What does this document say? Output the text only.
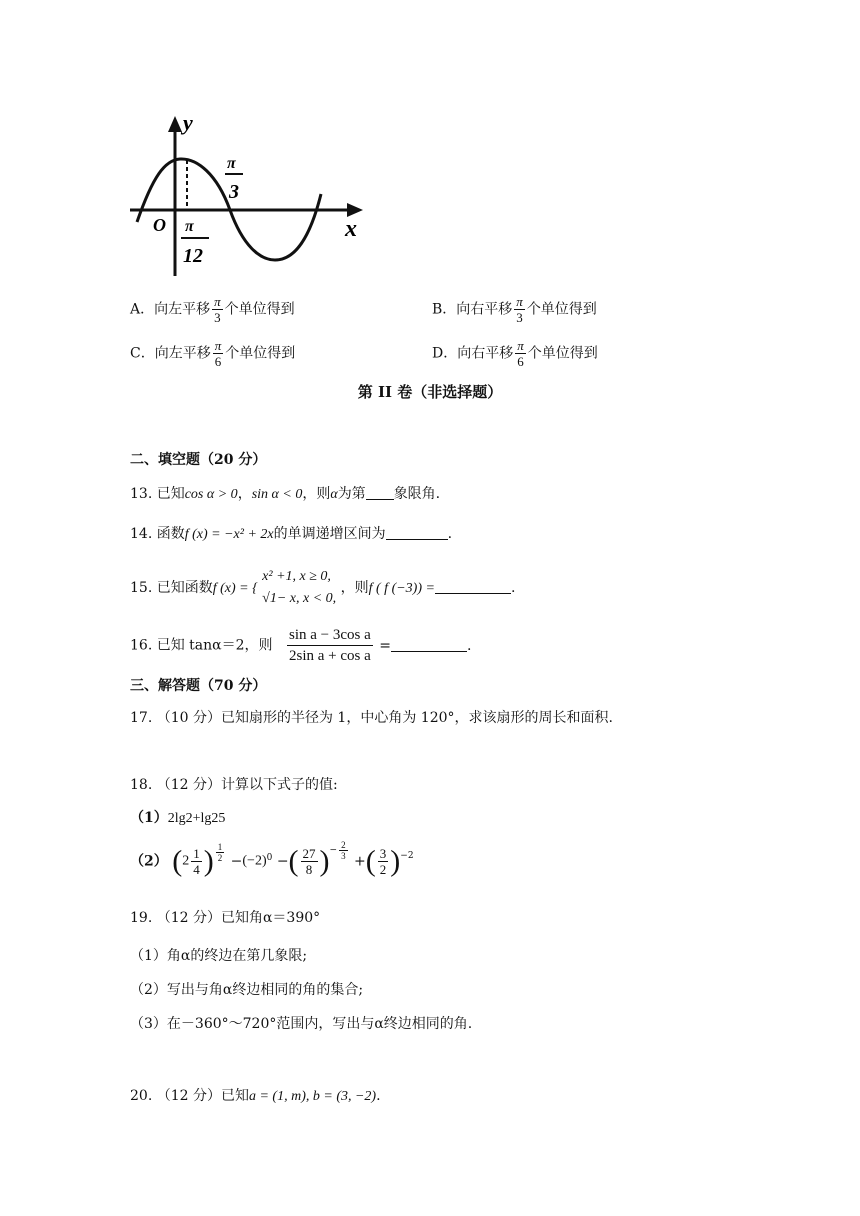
y
x
O
π
3
π
12
A．向左平移 $\frac{\pi}{3}$ 个单位得到	B．向右平移 $\frac{\pi}{3}$ 个单位得到
C．向左平移 $\frac{\pi}{6}$ 个单位得到	D．向右平移 $\frac{\pi}{6}$ 个单位得到
第 II 卷（非选择题）
二、填空题（20 分）
13. 已知cos α > 0，sin α < 0，则α为第 象限角.
14. 函数f (x) = −x² + 2x的单调递增区间为	.
15. 已知函数f (x) = {
x² +1, x ≥ 0,
√1− x, x < 0,
，则f ( f (−3)) =	.
16. 已知 tanα＝2，则 $\frac{\text{sin a − 3cos a}}{\text{2sin a + cos a}}$ =	.
三、解答题（70 分）
17. （10 分）已知扇形的半径为 1，中心角为 120°，求该扇形的周长和面积.
18. （12 分）计算以下式子的值:
（1）2lg2+lg25
（2） ($2 \frac{1}{4}$ ) $\frac{1}{2} -(-2)^0$ −( $\frac{27}{8}$ )− $\frac{2}{3}$
+( $\frac{3}{2} )^{-2}$
19. （12 分）已知角α＝390°
（1）角α的终边在第几象限;
（2）写出与角α终边相同的角的集合;
（3）在－360°～720°范围内，写出与α终边相同的角.
20. （12 分）已知a = (1, m), b = (3, −2).
